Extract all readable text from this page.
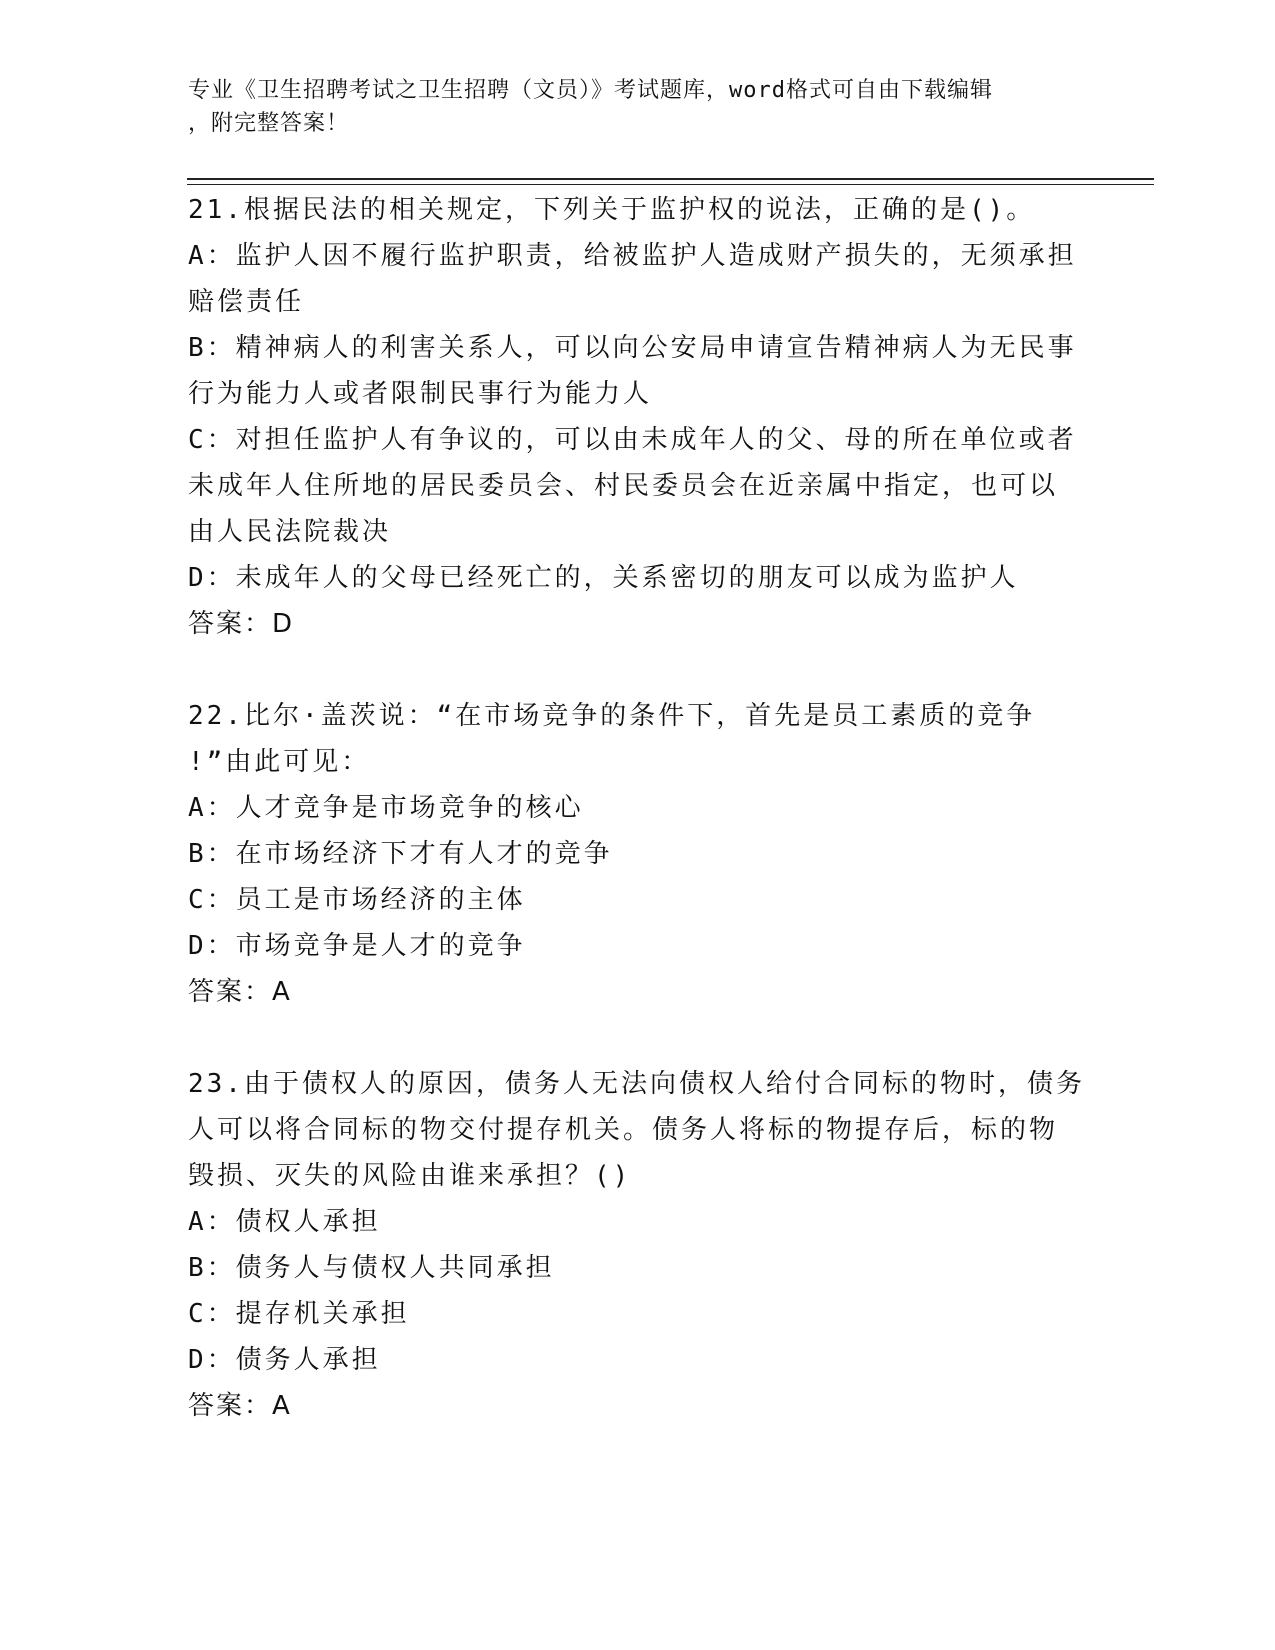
专业《卫生招聘考试之卫生招聘（文员）》考试题库，word格式可自由下载编辑
，附完整答案！
21.根据民法的相关规定，下列关于监护权的说法，正确的是()。
A：监护人因不履行监护职责，给被监护人造成财产损失的，无须承担
赔偿责任
B：精神病人的利害关系人，可以向公安局申请宣告精神病人为无民事
行为能力人或者限制民事行为能力人
C：对担任监护人有争议的，可以由未成年人的父、母的所在单位或者
未成年人住所地的居民委员会、村民委员会在近亲属中指定，也可以
由人民法院裁决
D：未成年人的父母已经死亡的，关系密切的朋友可以成为监护人
答案：D
22.比尔·盖茨说：“在市场竞争的条件下，首先是员工素质的竞争
!”由此可见：
A：人才竞争是市场竞争的核心
B：在市场经济下才有人才的竞争
C：员工是市场经济的主体
D：市场竞争是人才的竞争
答案：A
23.由于债权人的原因，债务人无法向债权人给付合同标的物时，债务
人可以将合同标的物交付提存机关。债务人将标的物提存后，标的物
毁损、灭失的风险由谁来承担？()
A：债权人承担
B：债务人与债权人共同承担
C：提存机关承担
D：债务人承担
答案：A
